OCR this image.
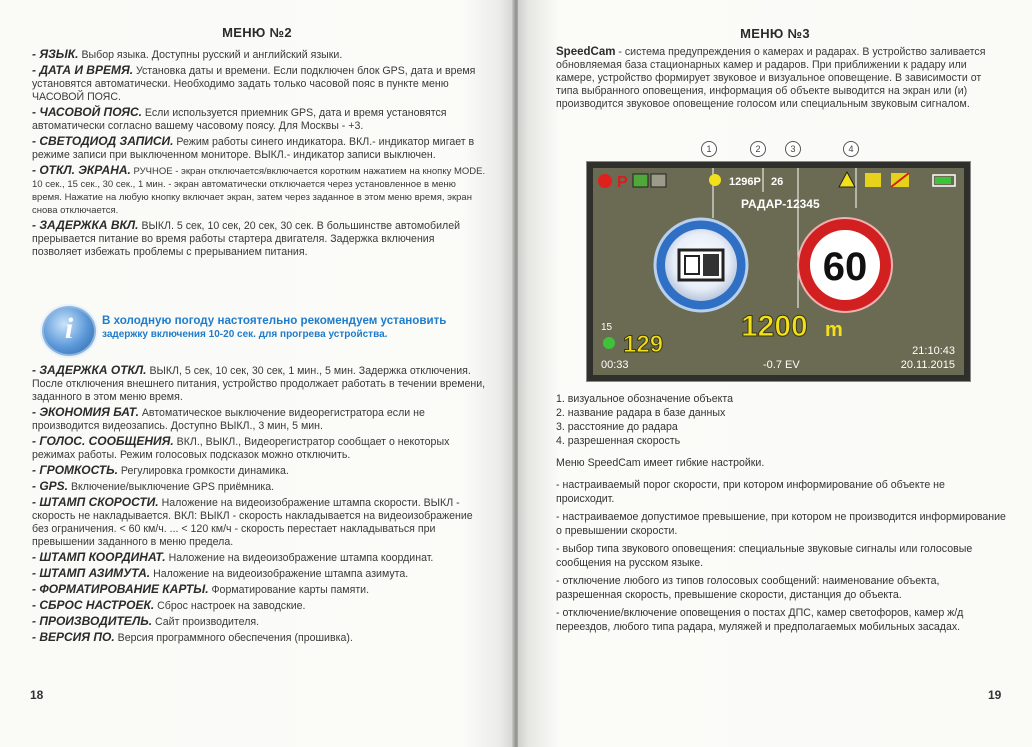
МЕНЮ №2
- ЯЗЫК. Выбор языка. Доступны русский и английский языки.
- ДАТА И ВРЕМЯ. Установка даты и времени. Если подключен блок GPS, дата и время установятся автоматически. Необходимо задать только часовой пояс в пункте меню ЧАСОВОЙ ПОЯС.
- ЧАСОВОЙ ПОЯС. Если используется приемник GPS, дата и время установятся автоматически согласно вашему часовому поясу. Для Москвы - +3.
- СВЕТОДИОД ЗАПИСИ. Режим работы синего индикатора. ВКЛ.- индикатор мигает в режиме записи при выключенном мониторе. ВЫКЛ.- индикатор записи выключен.
- ОТКЛ. ЭКРАНА. РУЧНОЕ - экран отключается/включается коротким нажатием на кнопку MODE. 10 сек., 15 сек., 30 сек., 1 мин. - экран автоматически отключается через установленное в меню время. Нажатие на любую кнопку включает экран, затем через заданное в этом меню время, экран снова отключается.
- ЗАДЕРЖКА ВКЛ. ВЫКЛ. 5 сек, 10 сек, 20 сек, 30 сек. В большинстве автомобилей прерывается питание во время работы стартера двигателя. Задержка включения позволяет избежать проблемы с прерыванием питания.
i	В холодную погоду настоятельно рекомендуем установить
задержку включения 10-20 сек. для прогрева устройства.
- ЗАДЕРЖКА ОТКЛ. ВЫКЛ, 5 сек, 10 сек, 30 сек, 1 мин., 5 мин. Задержка отключения. После отключения внешнего питания, устройство продолжает работать в течении времени, заданного в этом меню время.
- ЭКОНОМИЯ БАТ. Автоматическое выключение видеорегистратора если не производится видеозапись. Доступно ВЫКЛ., 3 мин, 5 мин.
- ГОЛОС. СООБЩЕНИЯ. ВКЛ., ВЫКЛ., Видеорегистратор сообщает о некоторых режимах работы. Режим голосовых подсказок можно отключить.
- ГРОМКОСТЬ. Регулировка громкости динамика.
- GPS. Включение/выключение GPS приёмника.
- ШТАМП СКОРОСТИ. Наложение на видеоизображение штампа скорости. ВЫКЛ - скорость не накладывается. ВКЛ: ВЫКЛ - скорость накладывается на видеоизображение без ограничения. < 60 км/ч. ... < 120 км/ч - скорость перестает накладываться при превышении заданного в меню предела.
- ШТАМП КООРДИНАТ. Наложение на видеоизображение штампа координат.
- ШТАМП АЗИМУТА. Наложение на видеоизображение штампа азимута.
- ФОРМАТИРОВАНИЕ КАРТЫ. Форматирование карты памяти.
- СБРОС НАСТРОЕК. Сброс настроек на заводские.
- ПРОИЗВОДИТЕЛЬ. Сайт производителя.
- ВЕРСИЯ ПО. Версия программного обеспечения (прошивка).
18
МЕНЮ №3
SpeedCam - система предупреждения о камерах и радарах. В устройство заливается обновляемая база стационарных камер и радаров. При приближении к радару или камере, устройство формирует звуковое и визуальное оповещение. В зависимости от типа выбранного оповещения, информация об объекте выводится на экран или (и) производится звуковое оповещение голосом или специальным звуковым сигналом.
1	2	3	4
P	1296P 26
РАДАР-12345
60
1200 m
15
129
00:33	-0.7 EV
21:10:43
20.11.2015
1. визуальное обозначение объекта
2. название радара в базе данных
3. расстояние до радара
4. разрешенная скорость
Меню SpeedCam имеет гибкие настройки.
- настраиваемый порог скорости, при котором информирование об объекте не происходит.
- настраиваемое допустимое превышение, при котором не производится информирование о превышении скорости.
- выбор типа звукового оповещения: специальные звуковые сигналы или голосовые сообщения на русском языке.
- отключение любого из типов голосовых сообщений: наименование объекта, разрешенная скорость, превышение скорости, дистанция до объекта.
- отключение/включение оповещения о постах ДПС, камер светофоров, камер ж/д переездов, любого типа радара, муляжей и предполагаемых мобильных засадах.
19
